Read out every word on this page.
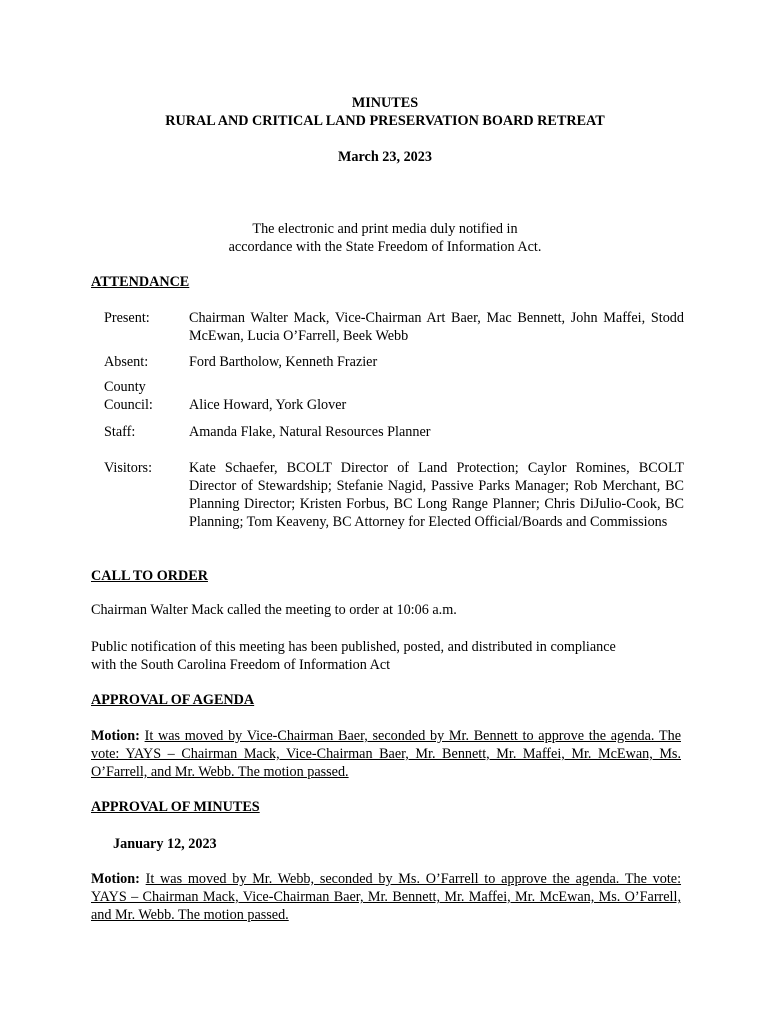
MINUTES
RURAL AND CRITICAL LAND PRESERVATION BOARD RETREAT
March 23, 2023
The electronic and print media duly notified in
accordance with the State Freedom of Information Act.
ATTENDANCE
Present:	Chairman Walter Mack, Vice-Chairman Art Baer, Mac Bennett, John Maffei, Stodd McEwan, Lucia O’Farrell, Beek Webb
Absent:	Ford Bartholow, Kenneth Frazier
County
Council:	Alice Howard, York Glover
Staff:	Amanda Flake, Natural Resources Planner
Visitors:	Kate Schaefer, BCOLT Director of Land Protection; Caylor Romines, BCOLT Director of Stewardship; Stefanie Nagid, Passive Parks Manager; Rob Merchant, BC Planning Director; Kristen Forbus, BC Long Range Planner; Chris DiJulio-Cook, BC Planning; Tom Keaveny, BC Attorney for Elected Official/Boards and Commissions
CALL TO ORDER
Chairman Walter Mack called the meeting to order at 10:06 a.m.
Public notification of this meeting has been published, posted, and distributed in compliance
with the South Carolina Freedom of Information Act
APPROVAL OF AGENDA
Motion: It was moved by Vice-Chairman Baer, seconded by Mr. Bennett to approve the agenda. The vote: YAYS – Chairman Mack, Vice-Chairman Baer, Mr. Bennett, Mr. Maffei, Mr. McEwan, Ms. O’Farrell, and Mr. Webb. The motion passed.
APPROVAL OF MINUTES
January 12, 2023
Motion: It was moved by Mr. Webb, seconded by Ms. O’Farrell to approve the agenda. The vote: YAYS – Chairman Mack, Vice-Chairman Baer, Mr. Bennett, Mr. Maffei, Mr. McEwan, Ms. O’Farrell, and Mr. Webb. The motion passed.
